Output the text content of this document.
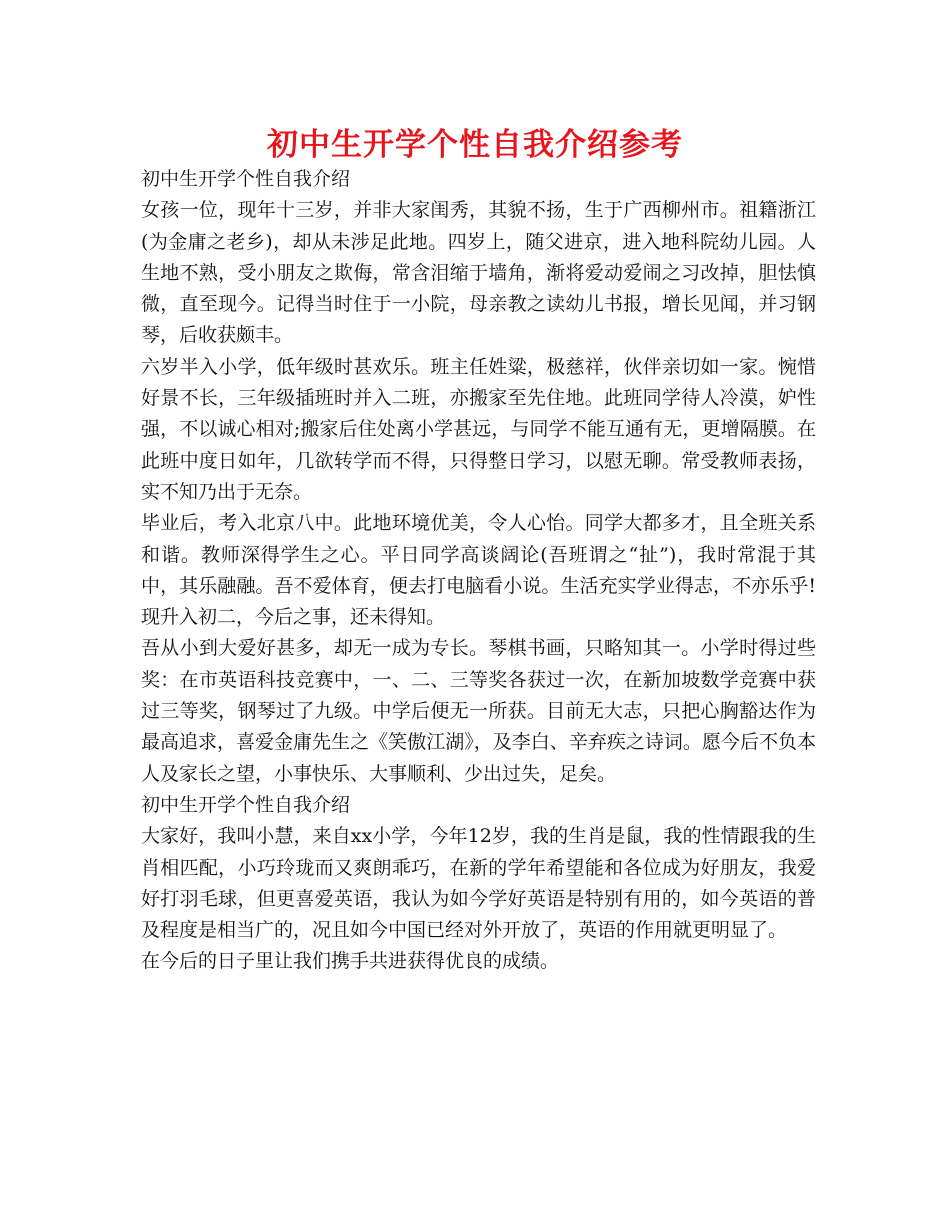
初中生开学个性自我介绍参考

初中生开学个性自我介绍

女孩一位，现年十三岁，并非大家闺秀，其貌不扬，生于广西柳州市。祖籍浙江(为金庸之老乡)，却从未涉足此地。四岁上，随父进京，进入地科院幼儿园。人生地不熟，受小朋友之欺侮，常含泪缩于墙角，渐将爱动爱闹之习改掉，胆怯慎微，直至现今。记得当时住于一小院，母亲教之读幼儿书报，增长见闻，并习钢琴，后收获颇丰。

六岁半入小学，低年级时甚欢乐。班主任姓粱，极慈祥，伙伴亲切如一家。惋惜好景不长，三年级插班时并入二班，亦搬家至先住地。此班同学待人冷漠，妒性强，不以诚心相对;搬家后住处离小学甚远，与同学不能互通有无，更增隔膜。在此班中度日如年，几欲转学而不得，只得整日学习，以慰无聊。常受教师表扬，实不知乃出于无奈。

毕业后，考入北京八中。此地环境优美，令人心怡。同学大都多才，且全班关系和谐。教师深得学生之心。平日同学高谈阔论(吾班谓之“扯”)，我时常混于其中，其乐融融。吾不爱体育，便去打电脑看小说。生活充实学业得志，不亦乐乎!现升入初二，今后之事，还未得知。

吾从小到大爱好甚多，却无一成为专长。琴棋书画，只略知其一。小学时得过些奖：在市英语科技竞赛中，一、二、三等奖各获过一次，在新加坡数学竞赛中获过三等奖，钢琴过了九级。中学后便无一所获。目前无大志，只把心胸豁达作为最高追求，喜爱金庸先生之《笑傲江湖》，及李白、辛弃疾之诗词。愿今后不负本人及家长之望，小事快乐、大事顺利、少出过失，足矣。

初中生开学个性自我介绍

大家好，我叫小慧，来自xx小学，今年12岁，我的生肖是鼠，我的性情跟我的生肖相匹配，小巧玲珑而又爽朗乖巧，在新的学年希望能和各位成为好朋友，我爱好打羽毛球，但更喜爱英语，我认为如今学好英语是特别有用的，如今英语的普及程度是相当广的，况且如今中国已经对外开放了，英语的作用就更明显了。

在今后的日子里让我们携手共进获得优良的成绩。
